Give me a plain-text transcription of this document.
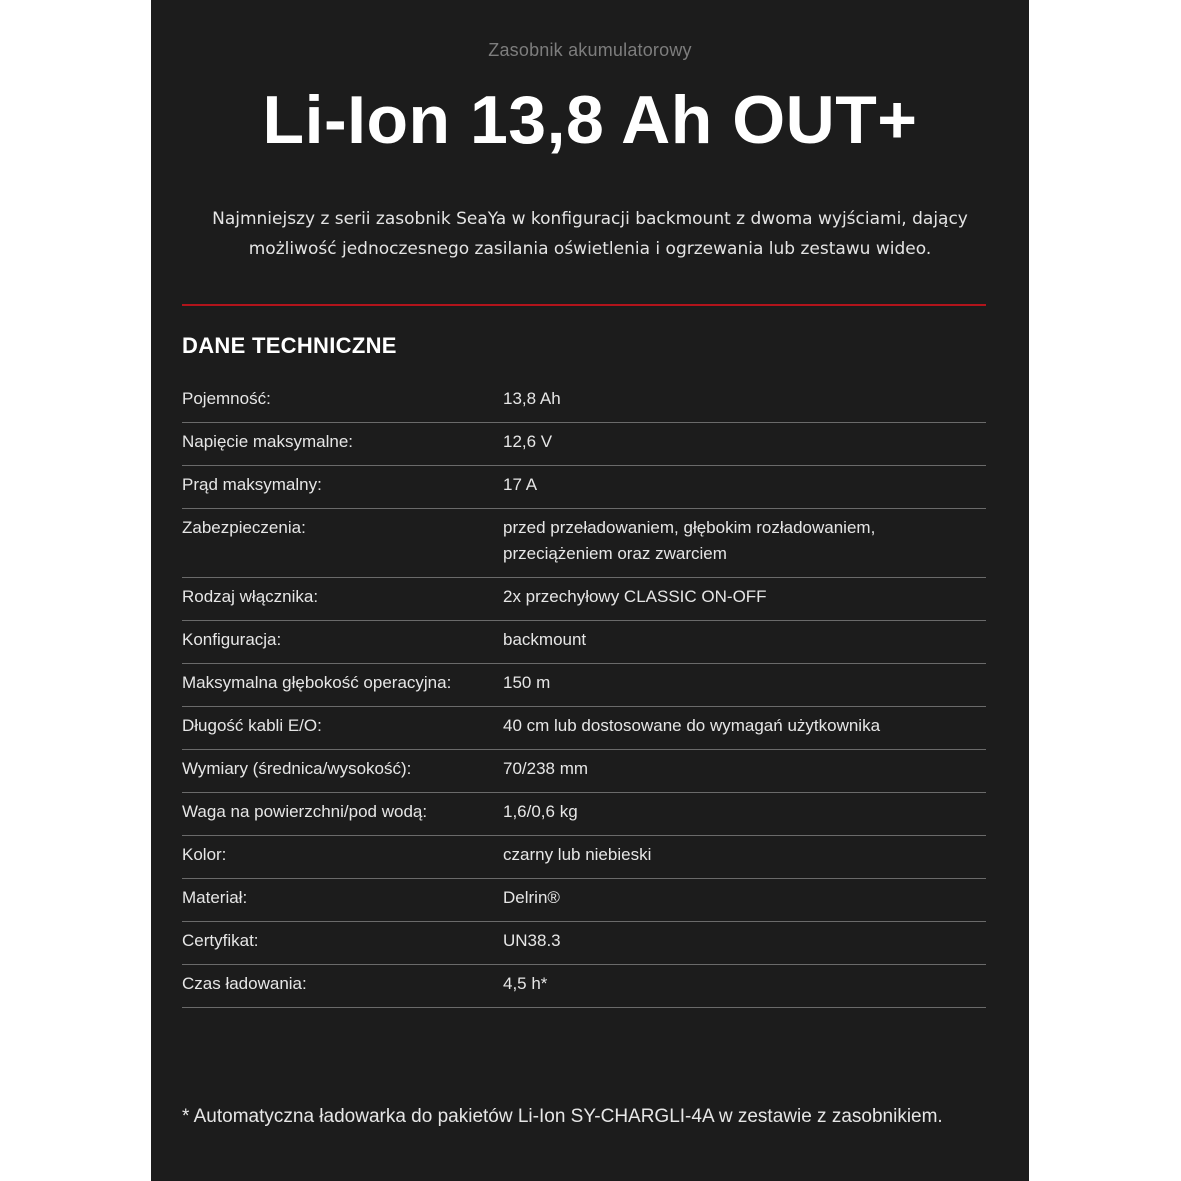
Zasobnik akumulatorowy
Li-Ion 13,8 Ah OUT+
Najmniejszy z serii zasobnik SeaYa w konfiguracji backmount z dwoma wyjściami, dający możliwość jednoczesnego zasilania oświetlenia i ogrzewania lub zestawu wideo.
DANE TECHNICZNE
Pojemność:	13,8 Ah
Napięcie maksymalne:	12,6 V
Prąd maksymalny:	17 A
Zabezpieczenia:	przed przeładowaniem, głębokim rozładowaniem, przeciążeniem oraz zwarciem
Rodzaj włącznika:	2x przechyłowy CLASSIC ON-OFF
Konfiguracja:	backmount
Maksymalna głębokość operacyjna:	150 m
Długość kabli E/O:	40 cm lub dostosowane do wymagań użytkownika
Wymiary (średnica/wysokość):	70/238 mm
Waga na powierzchni/pod wodą:	1,6/0,6 kg
Kolor:	czarny lub niebieski
Materiał:	Delrin®
Certyfikat:	UN38.3
Czas ładowania:	4,5 h*
* Automatyczna ładowarka do pakietów Li-Ion SY-CHARGLI-4A w zestawie z zasobnikiem.
